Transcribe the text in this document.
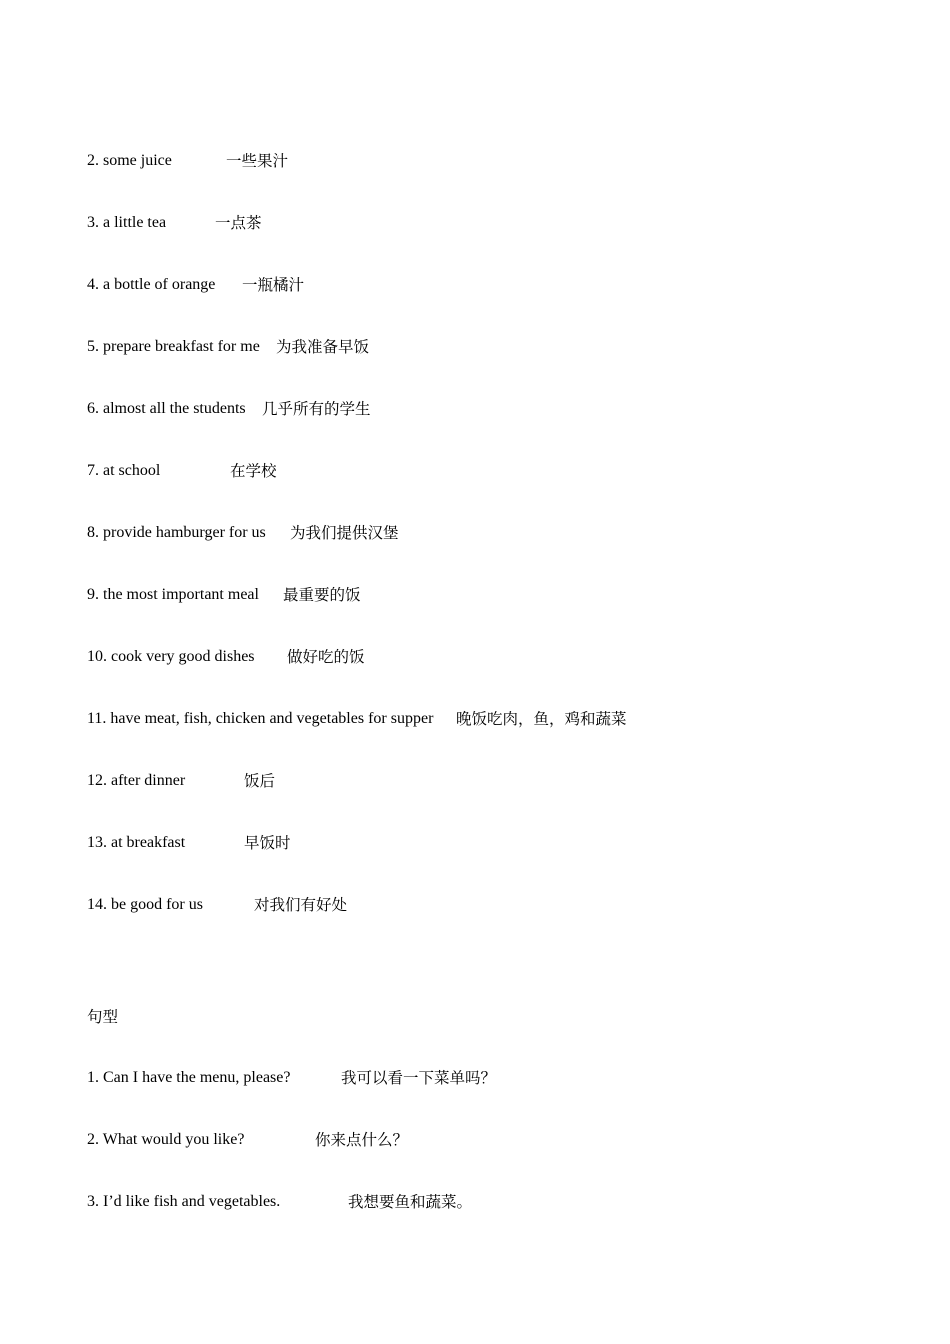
2. some juice	一些果汁
3. a little tea	一点茶
4. a bottle of orange 一瓶橘汁
5. prepare breakfast for me 为我准备早饭
6. almost all the students 几乎所有的学生
7. at school	在学校
8. provide hamburger for us 为我们提供汉堡
9. the most important meal 最重要的饭
10. cook very good dishes 做好吃的饭
11. have meat, fish, chicken and vegetables for supper 晚饭吃肉，鱼，鸡和蔬菜
12. after dinner	饭后
13. at breakfast	早饭时
14. be good for us	对我们有好处
句型
1. Can I have the menu, please?	我可以看一下菜单吗？
2. What would you like?	你来点什么？
3. I’d like fish and vegetables.	我想要鱼和蔬菜。
